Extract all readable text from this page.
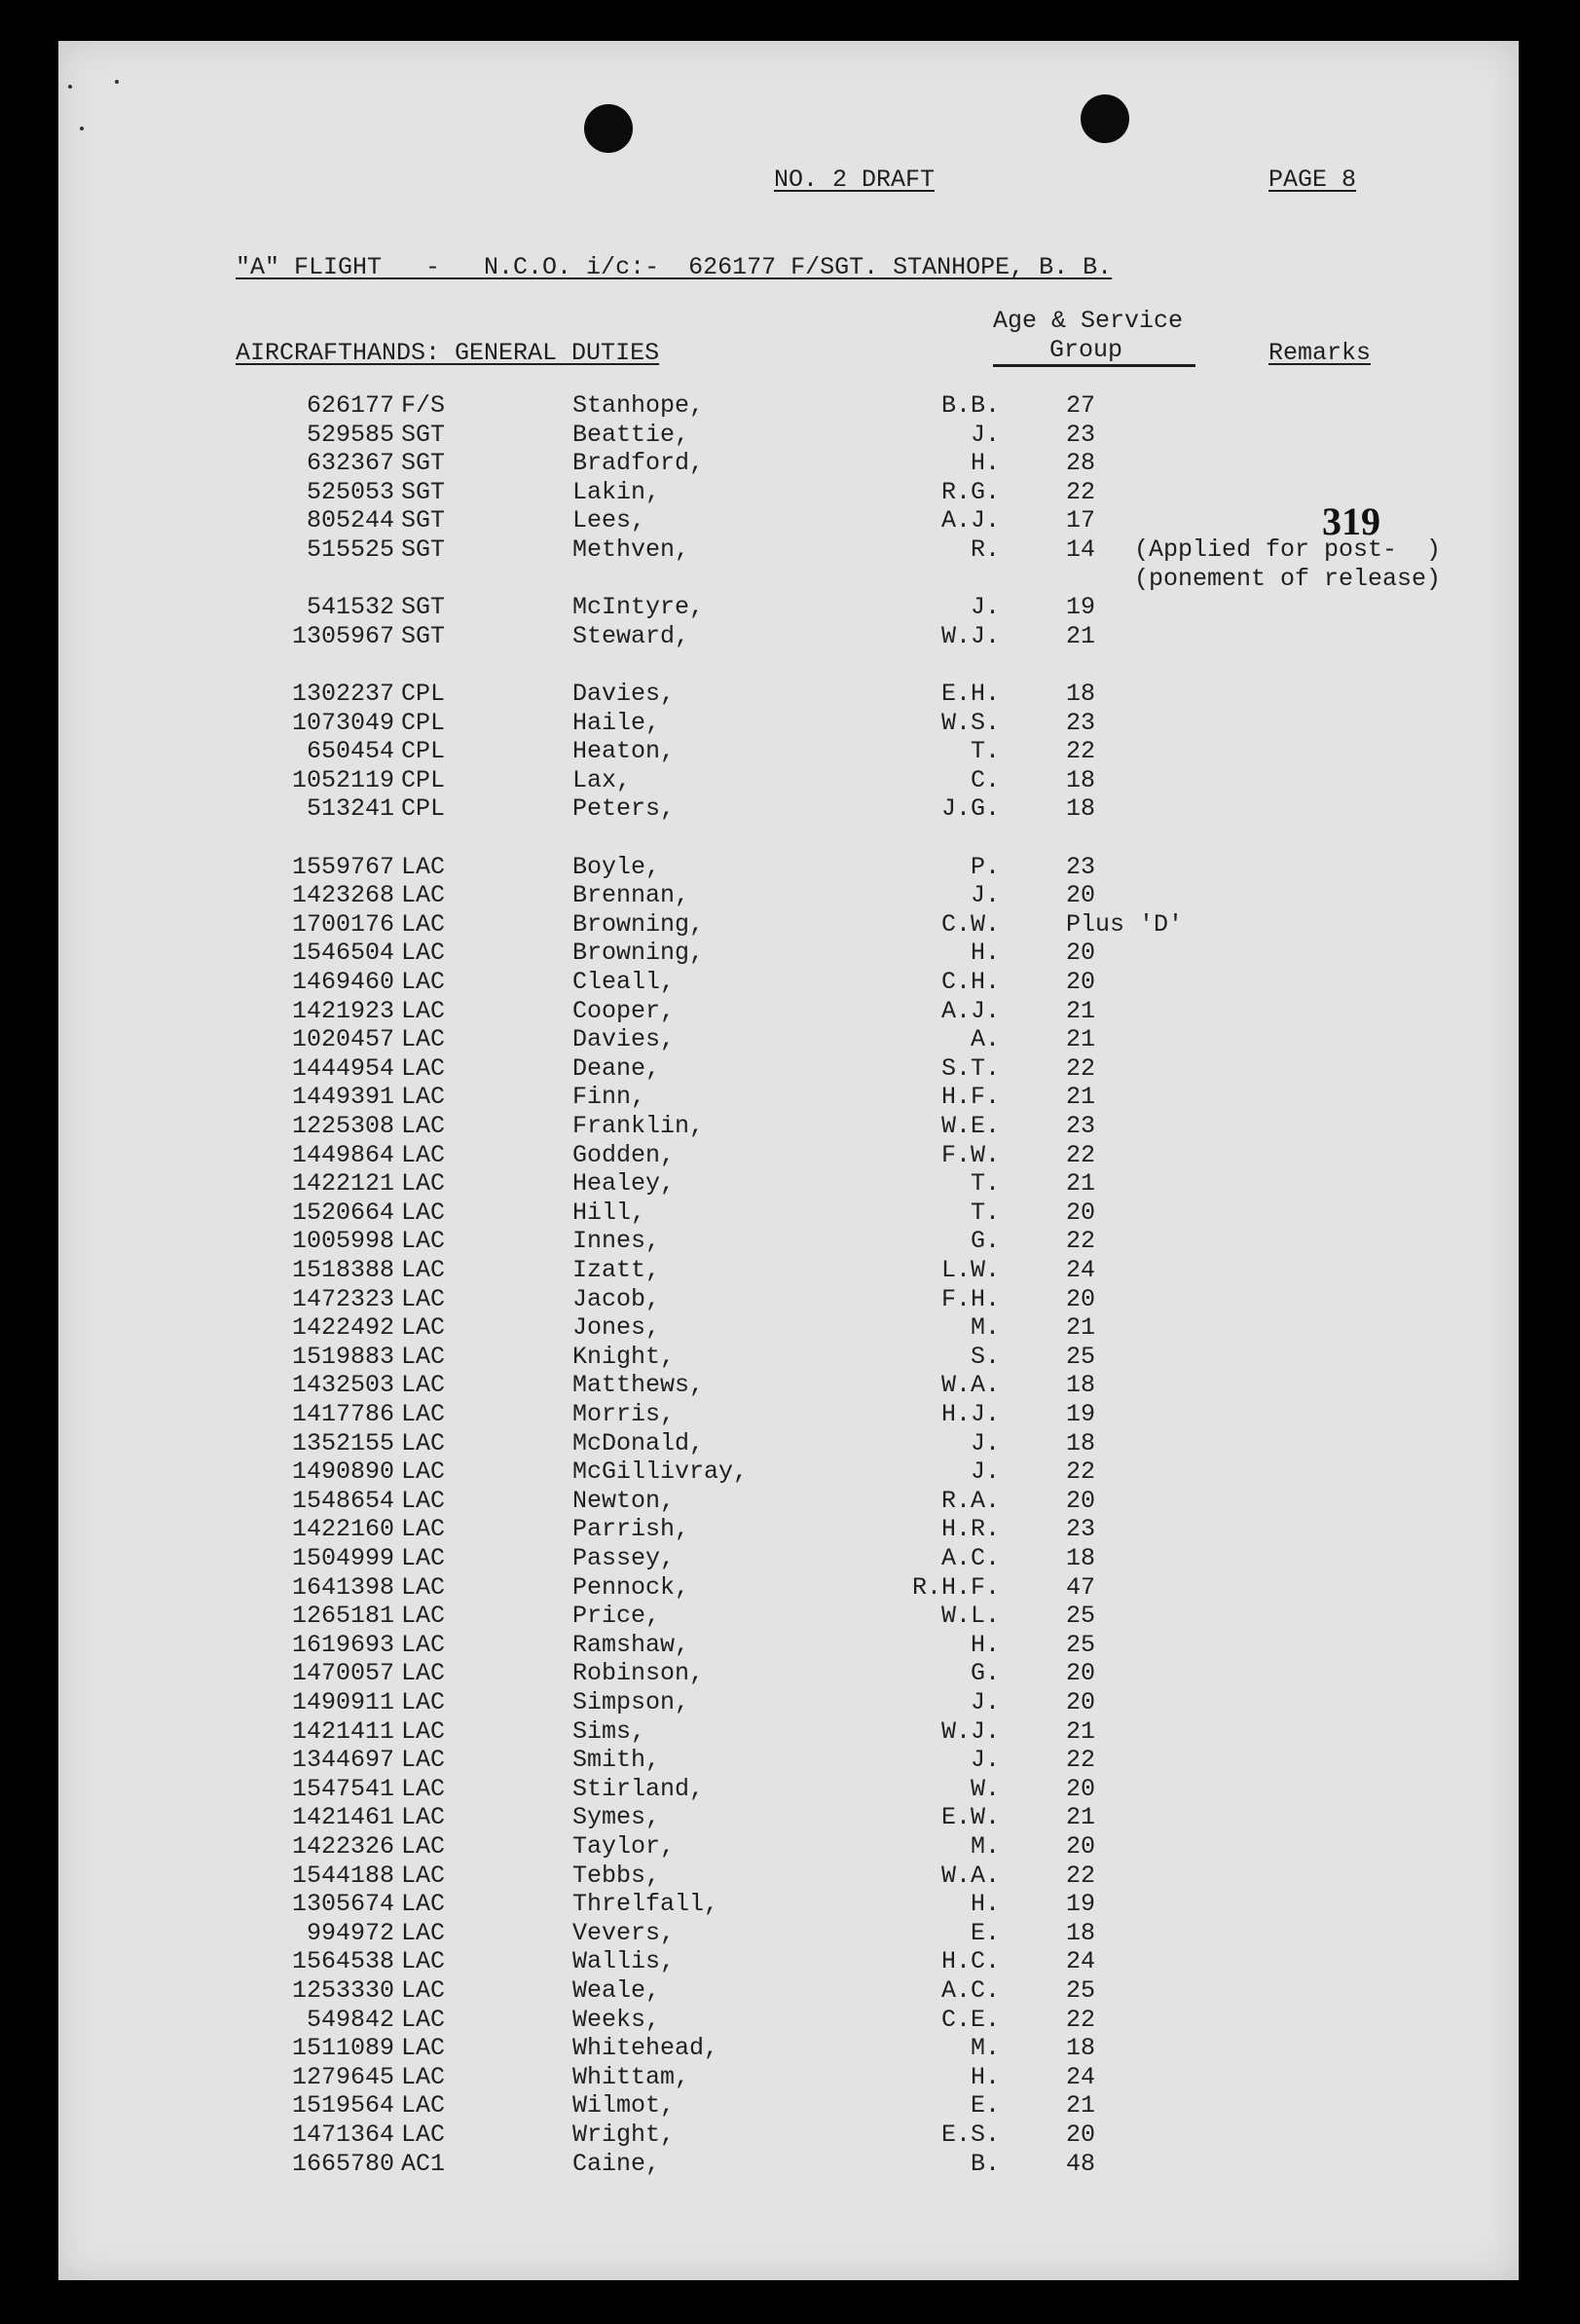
NO. 2 DRAFT	PAGE 8
"A" FLIGHT   -   N.C.O. i/c:-  626177 F/SGT. STANHOPE, B. B.
Age & Service
Group
AIRCRAFTHANDS: GENERAL DUTIES	Remarks
319
626177 F/S	Stanhope,	B.B.	27
529585 SGT	Beattie,	J.	23
632367 SGT	Bradford,	H.	28
525053 SGT	Lakin,	R.G.	22
805244 SGT	Lees,	A.J.	17
515525 SGT	Methven,	R.	14 (Applied for post-  )
(ponement of release)
541532 SGT	McIntyre,	J.	19
1305967 SGT	Steward,	W.J.	21
1302237 CPL	Davies,	E.H.	18
1073049 CPL	Haile,	W.S.	23
650454 CPL	Heaton,	T.	22
1052119 CPL	Lax,	C.	18
513241 CPL	Peters,	J.G.	18
1559767 LAC	Boyle,	P.	23
1423268 LAC	Brennan,	J.	20
1700176 LAC	Browning,	C.W.	Plus 'D'
1546504 LAC	Browning,	H.	20
1469460 LAC	Cleall,	C.H.	20
1421923 LAC	Cooper,	A.J.	21
1020457 LAC	Davies,	A.	21
1444954 LAC	Deane,	S.T.	22
1449391 LAC	Finn,	H.F.	21
1225308 LAC	Franklin,	W.E.	23
1449864 LAC	Godden,	F.W.	22
1422121 LAC	Healey,	T.	21
1520664 LAC	Hill,	T.	20
1005998 LAC	Innes,	G.	22
1518388 LAC	Izatt,	L.W.	24
1472323 LAC	Jacob,	F.H.	20
1422492 LAC	Jones,	M.	21
1519883 LAC	Knight,	S.	25
1432503 LAC	Matthews,	W.A.	18
1417786 LAC	Morris,	H.J.	19
1352155 LAC	McDonald,	J.	18
1490890 LAC	McGillivray,	J.	22
1548654 LAC	Newton,	R.A.	20
1422160 LAC	Parrish,	H.R.	23
1504999 LAC	Passey,	A.C.	18
1641398 LAC	Pennock,	R.H.F.	47
1265181 LAC	Price,	W.L.	25
1619693 LAC	Ramshaw,	H.	25
1470057 LAC	Robinson,	G.	20
1490911 LAC	Simpson,	J.	20
1421411 LAC	Sims,	W.J.	21
1344697 LAC	Smith,	J.	22
1547541 LAC	Stirland,	W.	20
1421461 LAC	Symes,	E.W.	21
1422326 LAC	Taylor,	M.	20
1544188 LAC	Tebbs,	W.A.	22
1305674 LAC	Threlfall,	H.	19
994972 LAC	Vevers,	E.	18
1564538 LAC	Wallis,	H.C.	24
1253330 LAC	Weale,	A.C.	25
549842 LAC	Weeks,	C.E.	22
1511089 LAC	Whitehead,	M.	18
1279645 LAC	Whittam,	H.	24
1519564 LAC	Wilmot,	E.	21
1471364 LAC	Wright,	E.S.	20
1665780 AC1	Caine,	B.	48
